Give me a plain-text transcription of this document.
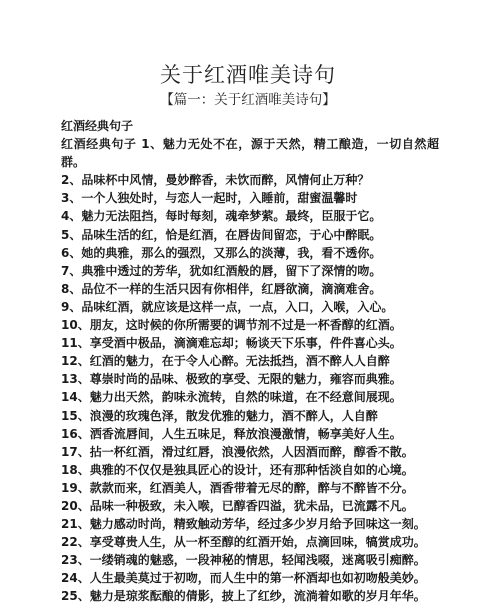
关于红酒唯美诗句
【篇一：关于红酒唯美诗句】
红酒经典句子
红酒经典句子 1、魅力无处不在，源于天然，精工酿造，一切自然超群。
2、品味杯中风情，曼妙醉香，未饮而醉，风情何止万种？
3、一个人独处时，与恋人一起时，入睡前，甜蜜温馨时
4、魅力无法阻挡，每时每刻，魂牵梦萦。最终，臣服于它。
5、品味生活的红，恰是红酒，在唇齿间留恋，于心中醉眠。
6、她的典雅，那么的强烈，又那么的淡薄，我，看不透你。
7、典雅中透过的芳华，犹如红酒般的唇，留下了深情的吻。
8、品位不一样的生活只因有你相伴，红唇欲滴，滴滴难舍。
9、品味红酒，就应该是这样一点，一点，入口，入喉，入心。
10、朋友，这时候的你所需要的调节剂不过是一杯香醇的红酒。
11、享受酒中极品，滴滴难忘却；畅谈天下乐事，件件喜心头。
12、红酒的魅力，在于令人心醉。无法抵挡，酒不醉人人自醉
13、尊崇时尚的品味、极致的享受、无限的魅力，雍容而典雅。
14、魅力出天然，韵味永流转，自然的味道，在不经意间展现。
15、浪漫的玫瑰色泽，散发优雅的魅力，酒不醉人，人自醉
16、洒香流唇间，人生五味足，释放浪漫激情，畅享美好人生。
17、拈一杯红酒，滑过红唇，浪漫依然，人因酒而醉，醇香不散。
18、典雅的不仅仅是独具匠心的设计，还有那种恬淡自如的心境。
19、款款而来，红酒美人，酒香带着无尽的醉，醉与不醉皆不分。
20、品味一种极致，未入喉，已醇香四溢，犹未品，已流露不凡。
21、魅力感动时尚，精致触动芳华，经过多少岁月给予回味这一刻。
22、享受尊贵人生，从一杯至醇的红酒开始，点滴回味，犒赏成功。
23、一缕销魂的魅惑，一段神秘的情思，轻闻浅啜，迷离吸引痴醉。
24、人生最美莫过于初吻，而人生中的第一杯酒却也如初吻般美妙。
25、魅力是琼浆酝酿的倩影，披上了红纱，流淌着如歌的岁月年华。
